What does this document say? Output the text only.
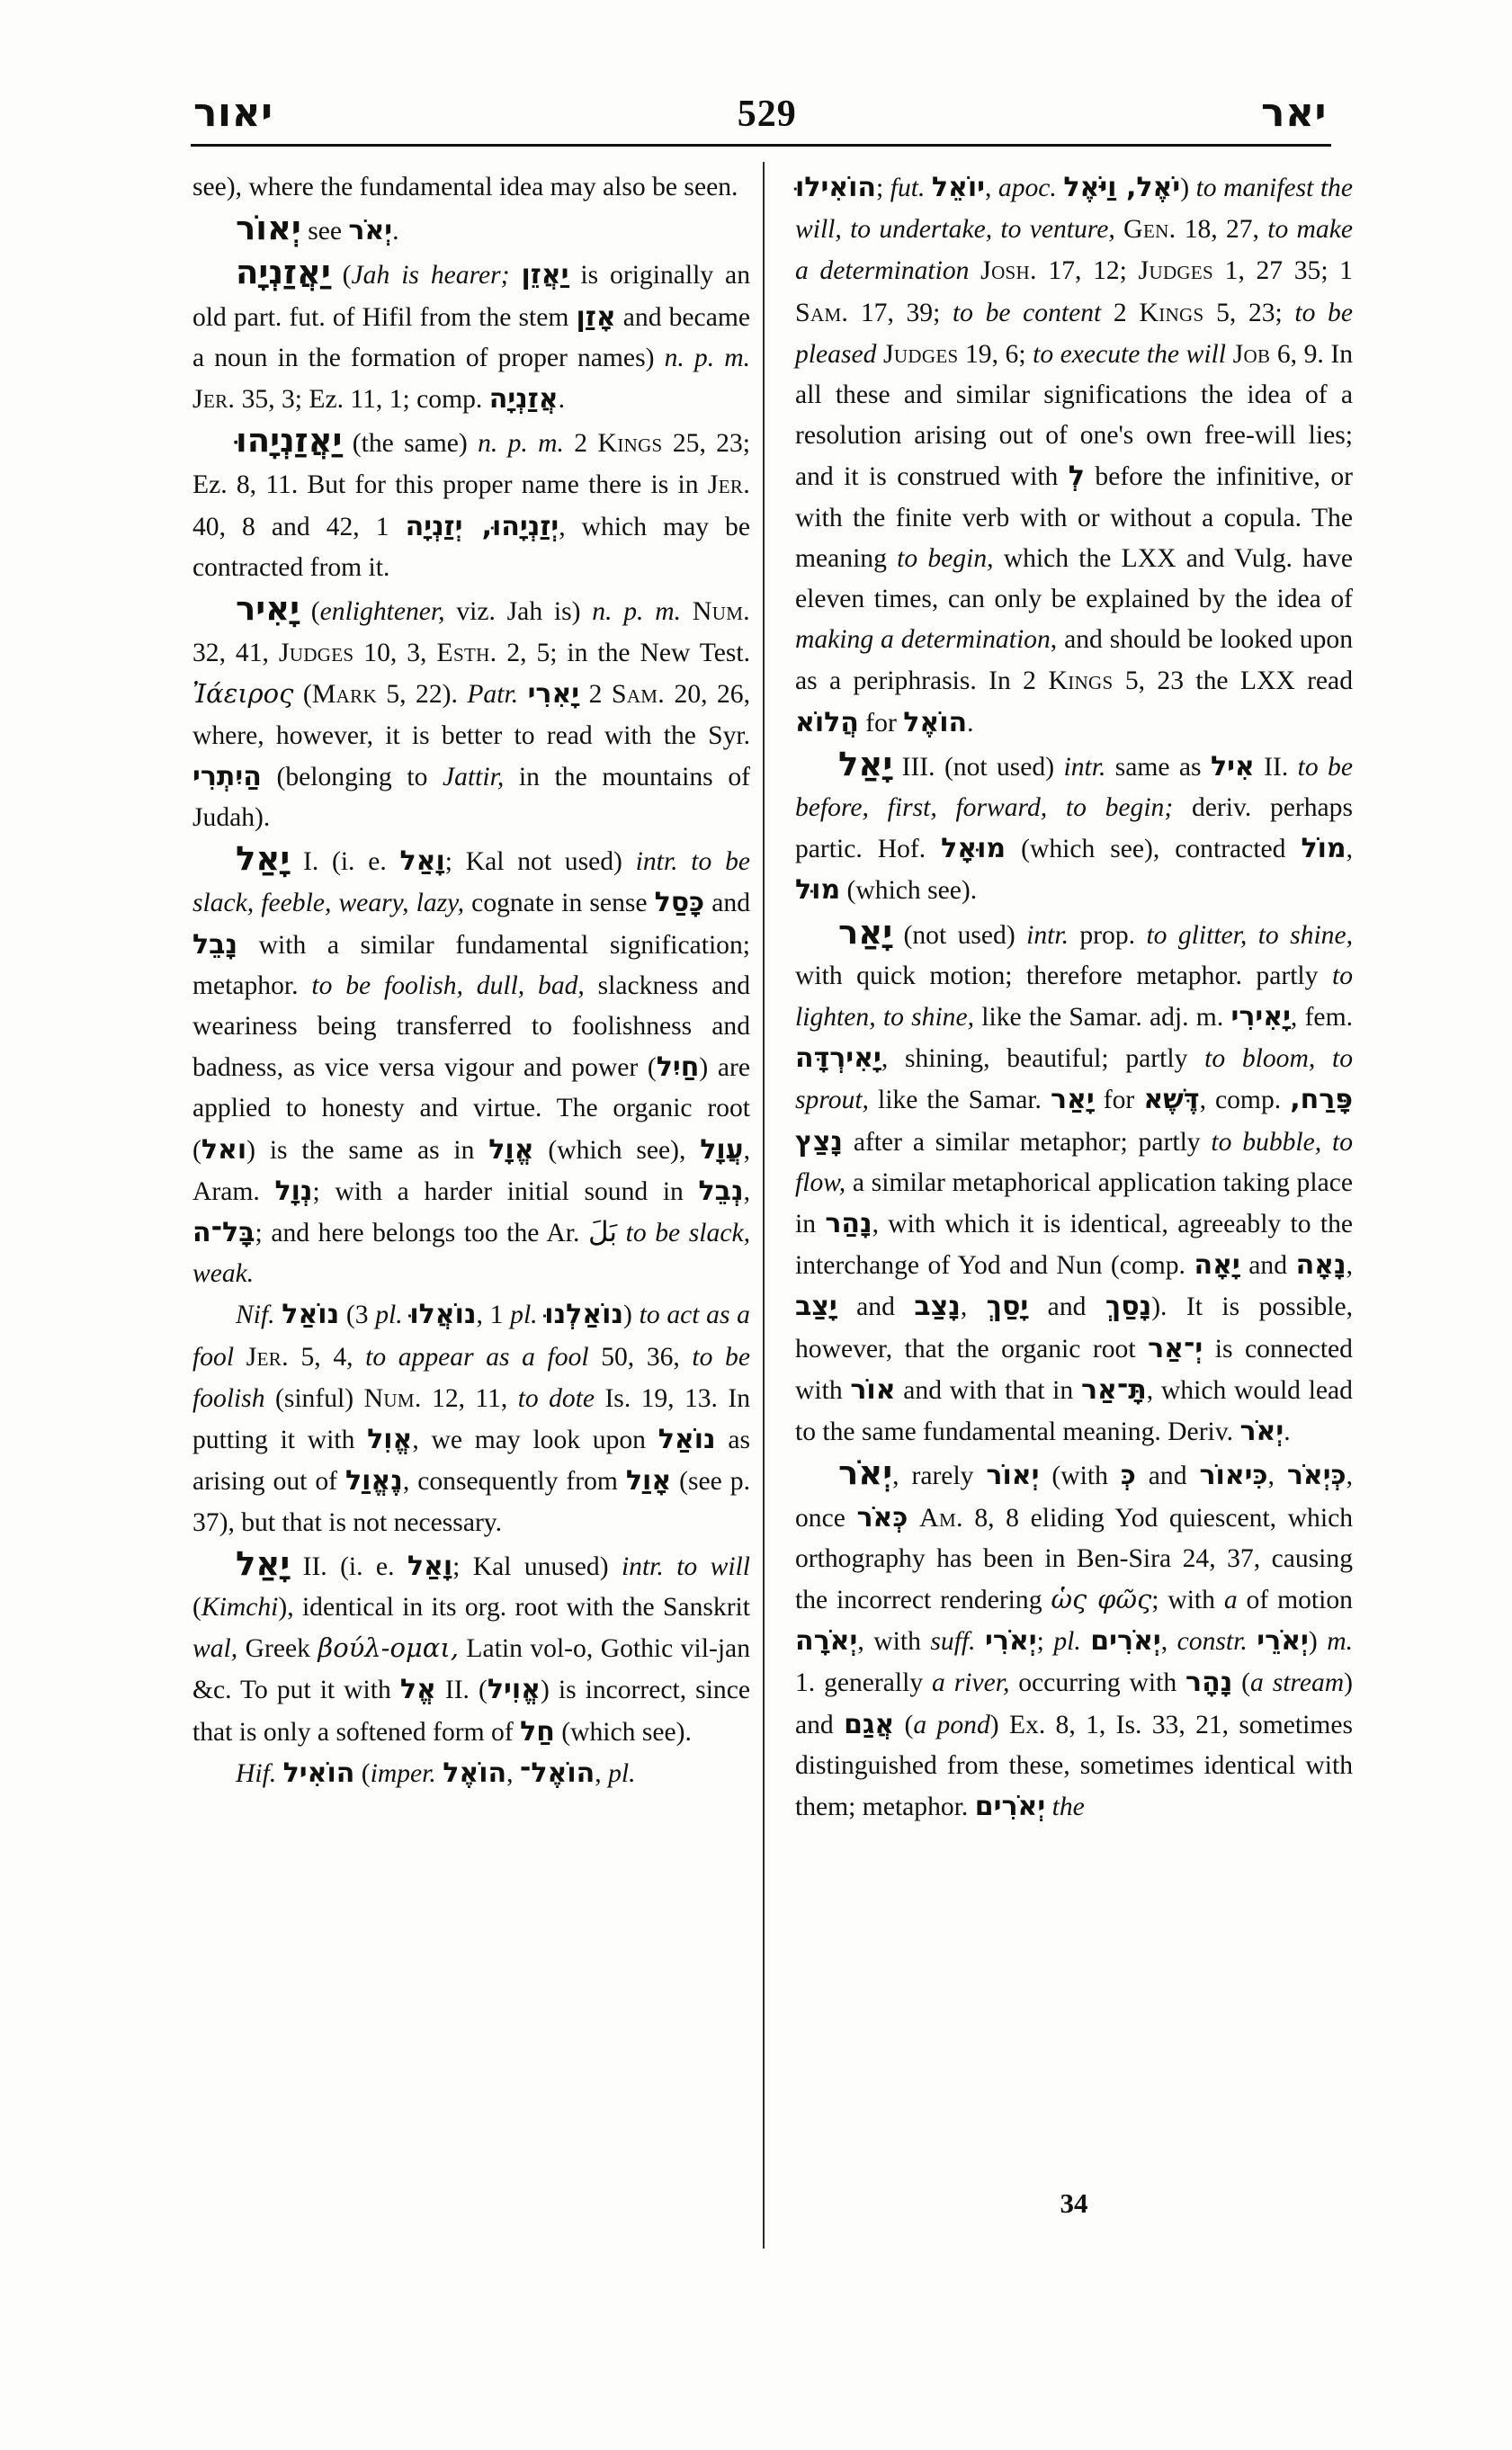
יאור	529	יאר

see), where the fundamental idea may also be seen.

יְאוֹר see יְאֹר.

יַאֲזַנְיָה (Jah is hearer; יַאֲזֵן is originally an old part. fut. of Hifil from the stem אָזַן and became a noun in the formation of proper names) n. p. m. Jer. 35, 3; Ez. 11, 1; comp. אֲזַנְיָה.

יַאֲזַנְיָהוּ (the same) n. p. m. 2 Kings 25, 23; Ez. 8, 11. But for this proper name there is in Jer. 40, 8 and 42, 1 יְזַנְיָהוּ, יְזַנְיָה, which may be contracted from it.

יָאִיר (enlightener, viz. Jah is) n. p. m. Num. 32, 41, Judges 10, 3, Esth. 2, 5; in the New Test. Ἰάειρος (Mark 5, 22). Patr. יָאִרִי 2 Sam. 20, 26, where, however, it is better to read with the Syr. הַיִתְרִי (belonging to Jattir, in the mountains of Judah).

יָאַל I. (i. e. וָאַל; Kal not used) intr. to be slack, feeble, weary, lazy, cognate in sense כָּסַל and נָבֵל with a similar fundamental signification; metaphor. to be foolish, dull, bad, slackness and weariness being transferred to foolishness and badness, as vice versa vigour and power (חַיִל) are applied to honesty and virtue. The organic root (ואל) is the same as in אֱוָל (which see), עֲוָל, Aram. נְוָל; with a harder initial sound in נְבֵל, בָּל־ה; and here belongs too the Ar. بَلَ to be slack, weak.

Nif. נוֹאַל (3 pl. נוֹאֲלוּ, 1 pl. נוֹאַלְנוּ) to act as a fool Jer. 5, 4, to appear as a fool 50, 36, to be foolish (sinful) Num. 12, 11, to dote Is. 19, 13. In putting it with אֱוִל, we may look upon נוֹאַל as arising out of נֶאֱוַל, consequently from אָוַל (see p. 37), but that is not necessary.

יָאַל II. (i. e. וָאַל; Kal unused) intr. to will (Kimchi), identical in its org. root with the Sanskrit wal, Greek βούλ-ομαι, Latin vol-o, Gothic vil-jan &c. To put it with אֱל II. (אֱוִיל) is incorrect, since that is only a softened form of חַל (which see).

Hif. הוֹאִיל (imper. הוֹאֶל, הוֹאֶל־, pl.

הוֹאִילוּ; fut. יוֹאֵל, apoc. יֹאֶל, וַיֹּאֶל) to manifest the will, to undertake, to venture, Gen. 18, 27, to make a determination Josh. 17, 12; Judges 1, 27 35; 1 Sam. 17, 39; to be content 2 Kings 5, 23; to be pleased Judges 19, 6; to execute the will Job 6, 9. In all these and similar significations the idea of a resolution arising out of one's own free-will lies; and it is construed with לְ before the infinitive, or with the finite verb with or without a copula. The meaning to begin, which the LXX and Vulg. have eleven times, can only be explained by the idea of making a determination, and should be looked upon as a periphrasis. In 2 Kings 5, 23 the LXX read הֲלוֹא for הוֹאֶל.

יָאַל III. (not used) intr. same as אִיל II. to be before, first, forward, to begin; deriv. perhaps partic. Hof. מוּאָל (which see), contracted מוֹל, מוּל (which see).

יָאַר (not used) intr. prop. to glitter, to shine, with quick motion; therefore metaphor. partly to lighten, to shine, like the Samar. adj. m. יָאִירִי, fem. יָאִירְדָּה, shining, beautiful; partly to bloom, to sprout, like the Samar. יָאַר for דֶּשֶׁא, comp. פָּרַח, נָצַץ after a similar metaphor; partly to bubble, to flow, a similar metaphorical application taking place in נָהַר, with which it is identical, agreeably to the interchange of Yod and Nun (comp. יָאָה and נָאָה, יָצַב and נָצַב, יָסַךְ and נָסַךְ). It is possible, however, that the organic root יְ־אַר is connected with אוֹר and with that in תָּ־אַר, which would lead to the same fundamental meaning. Deriv. יְאֹר.

יְאֹר, rarely יְאוֹר (with כְּ and כִּיאוֹר, כְּיְאֹר, once כְּאֹר Am. 8, 8 eliding Yod quiescent, which orthography has been in Ben-Sira 24, 37, causing the incorrect rendering ὡς φῶς; with a of motion יְאֹרָה, with suff. יְאֹרִי; pl. יְאֹרִים, constr. יְאֹרֵי) m. 1. generally a river, occurring with נָהָר (a stream) and אֲגַם (a pond) Ex. 8, 1, Is. 33, 21, sometimes distinguished from these, sometimes identical with them; metaphor. יְאֹרִים the

34
